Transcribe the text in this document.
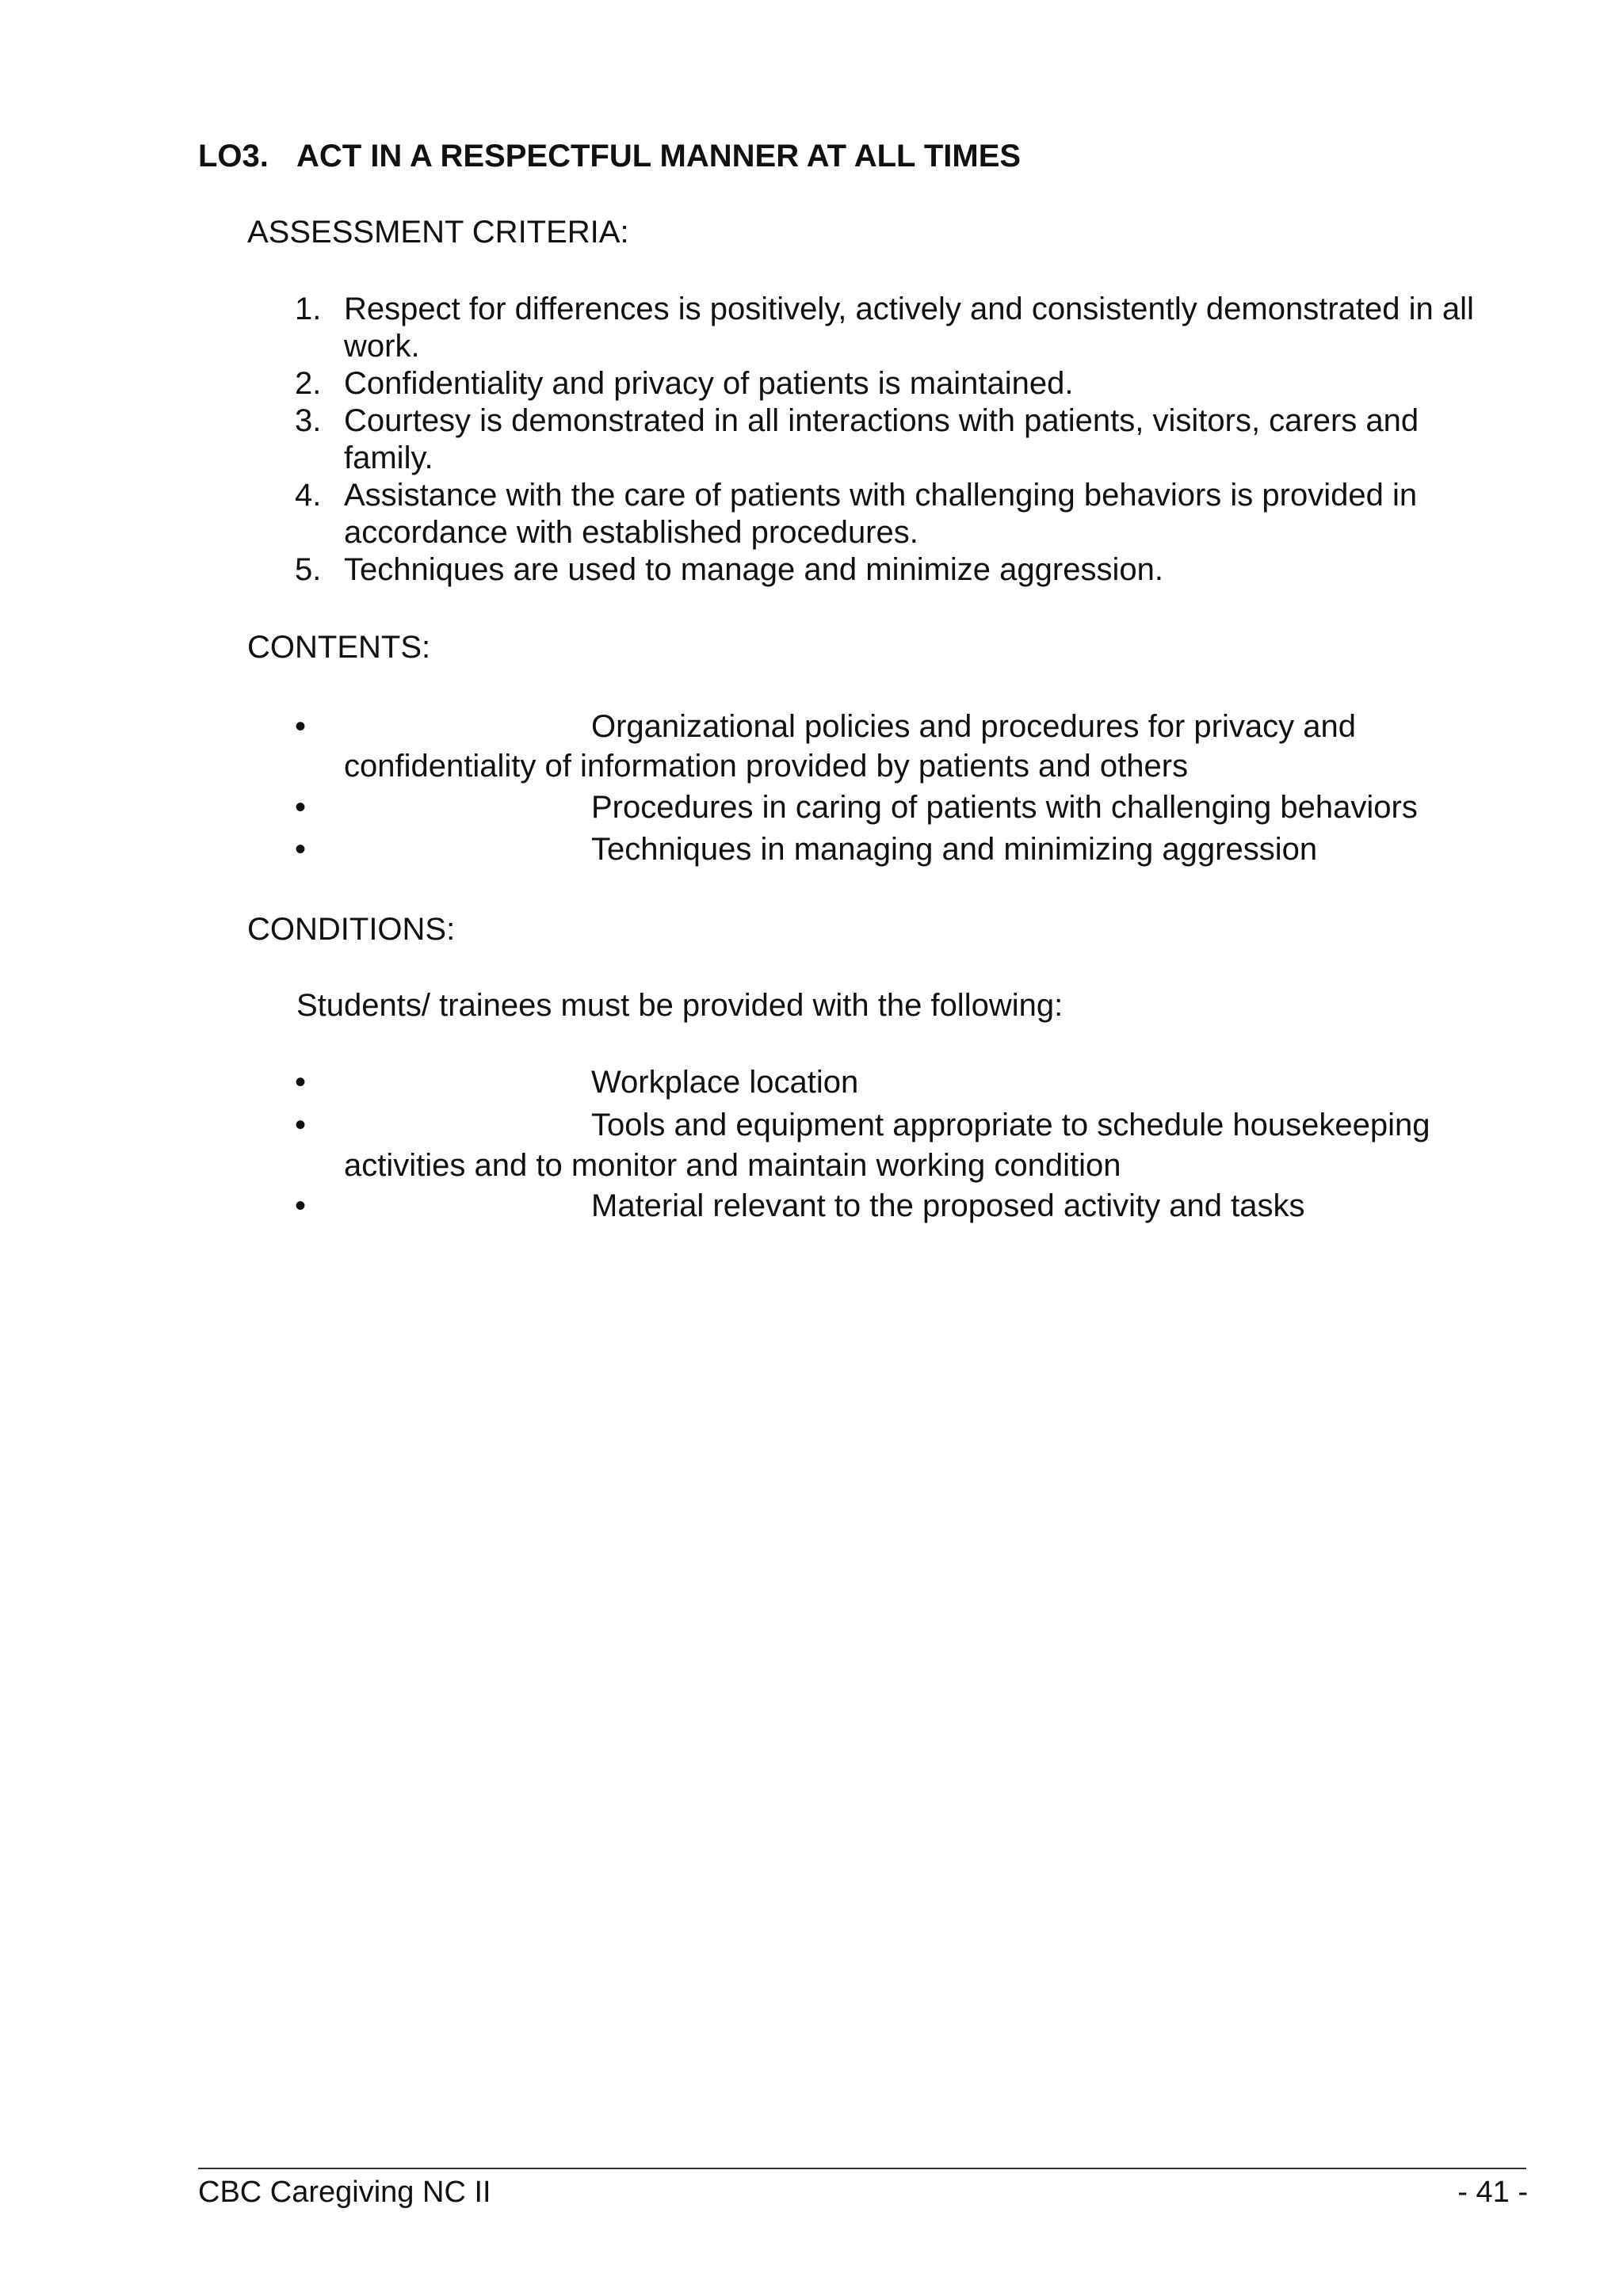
LO3. ACT IN A RESPECTFUL MANNER AT ALL TIMES
ASSESSMENT CRITERIA:
1. Respect for differences is positively, actively and consistently demonstrated in all
work.
2. Confidentiality and privacy of patients is maintained.
3. Courtesy is demonstrated in all interactions with patients, visitors, carers and
family.
4. Assistance with the care of patients with challenging behaviors is provided in
accordance with established procedures.
5. Techniques are used to manage and minimize aggression.
CONTENTS:
•	Organizational policies and procedures for privacy and
confidentiality of information provided by patients and others
•	Procedures in caring of patients with challenging behaviors
•	Techniques in managing and minimizing aggression
CONDITIONS:
Students/ trainees must be provided with the following:
•	Workplace location
•	Tools and equipment appropriate to schedule housekeeping
activities and to monitor and maintain working condition
•	Material relevant to the proposed activity and tasks
CBC Caregiving NC II	- 41 -
